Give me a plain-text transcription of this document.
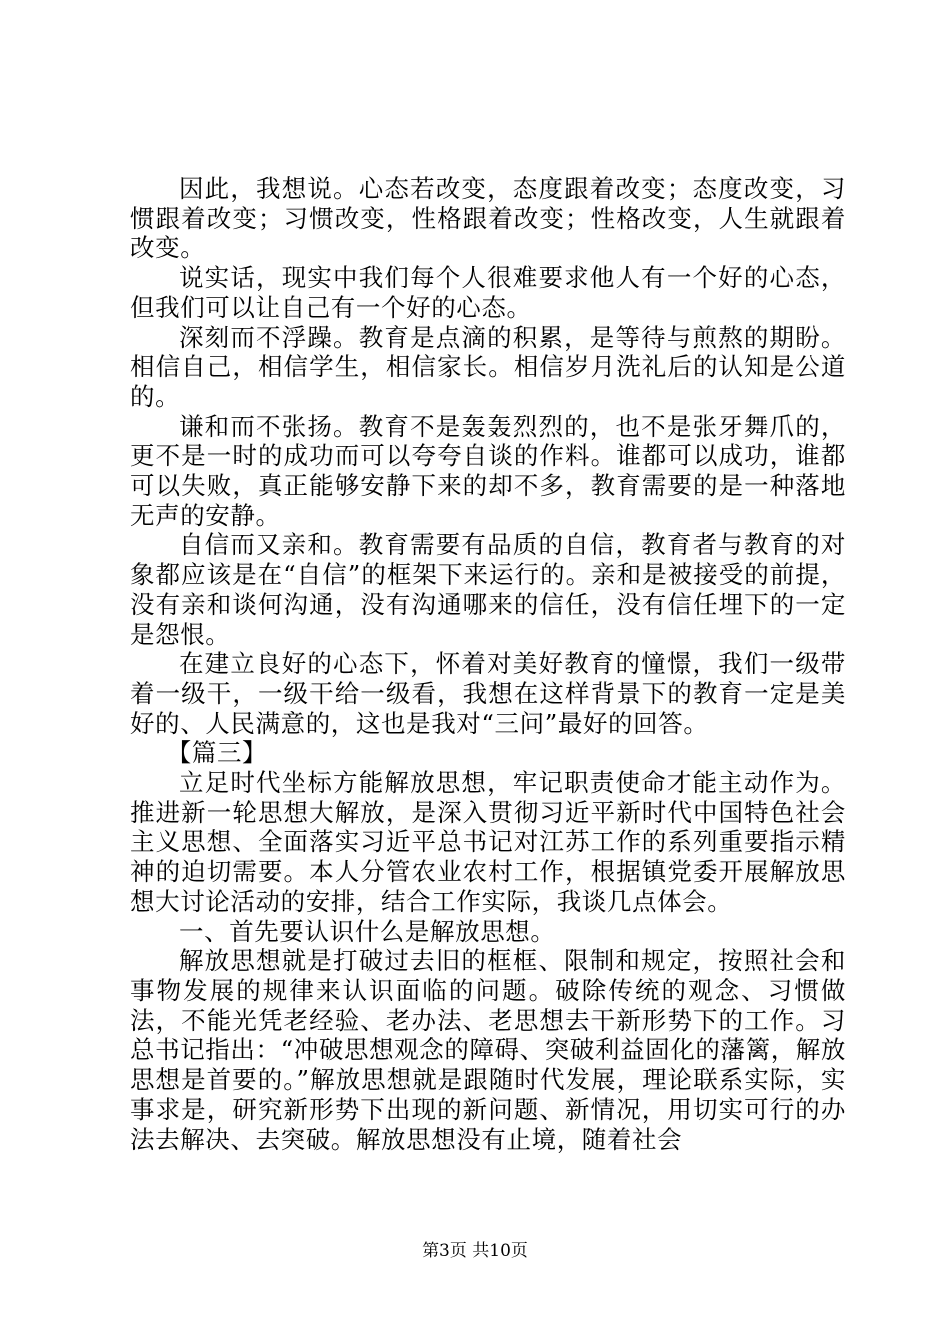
因此，我想说。心态若改变，态度跟着改变；态度改变，习惯跟着改变；习惯改变，性格跟着改变；性格改变，人生就跟着改变。

说实话，现实中我们每个人很难要求他人有一个好的心态，但我们可以让自己有一个好的心态。

深刻而不浮躁。教育是点滴的积累，是等待与煎熬的期盼。相信自己，相信学生，相信家长。相信岁月洗礼后的认知是公道的。

谦和而不张扬。教育不是轰轰烈烈的，也不是张牙舞爪的，更不是一时的成功而可以夸夸自谈的作料。谁都可以成功，谁都可以失败，真正能够安静下来的却不多，教育需要的是一种落地无声的安静。

自信而又亲和。教育需要有品质的自信，教育者与教育的对象都应该是在“自信”的框架下来运行的。亲和是被接受的前提，没有亲和谈何沟通，没有沟通哪来的信任，没有信任埋下的一定是怨恨。

在建立良好的心态下，怀着对美好教育的憧憬，我们一级带着一级干，一级干给一级看，我想在这样背景下的教育一定是美好的、人民满意的，这也是我对“三问”最好的回答。

【篇三】

立足时代坐标方能解放思想，牢记职责使命才能主动作为。推进新一轮思想大解放，是深入贯彻习近平新时代中国特色社会主义思想、全面落实习近平总书记对江苏工作的系列重要指示精神的迫切需要。本人分管农业农村工作，根据镇党委开展解放思想大讨论活动的安排，结合工作实际，我谈几点体会。

一、首先要认识什么是解放思想。

解放思想就是打破过去旧的框框、限制和规定，按照社会和事物发展的规律来认识面临的问题。破除传统的观念、习惯做法，不能光凭老经验、老办法、老思想去干新形势下的工作。习总书记指出：“冲破思想观念的障碍、突破利益固化的藩篱，解放思想是首要的。”解放思想就是跟随时代发展，理论联系实际，实事求是，研究新形势下出现的新问题、新情况，用切实可行的办法去解决、去突破。解放思想没有止境，随着社会

第3页 共10页
